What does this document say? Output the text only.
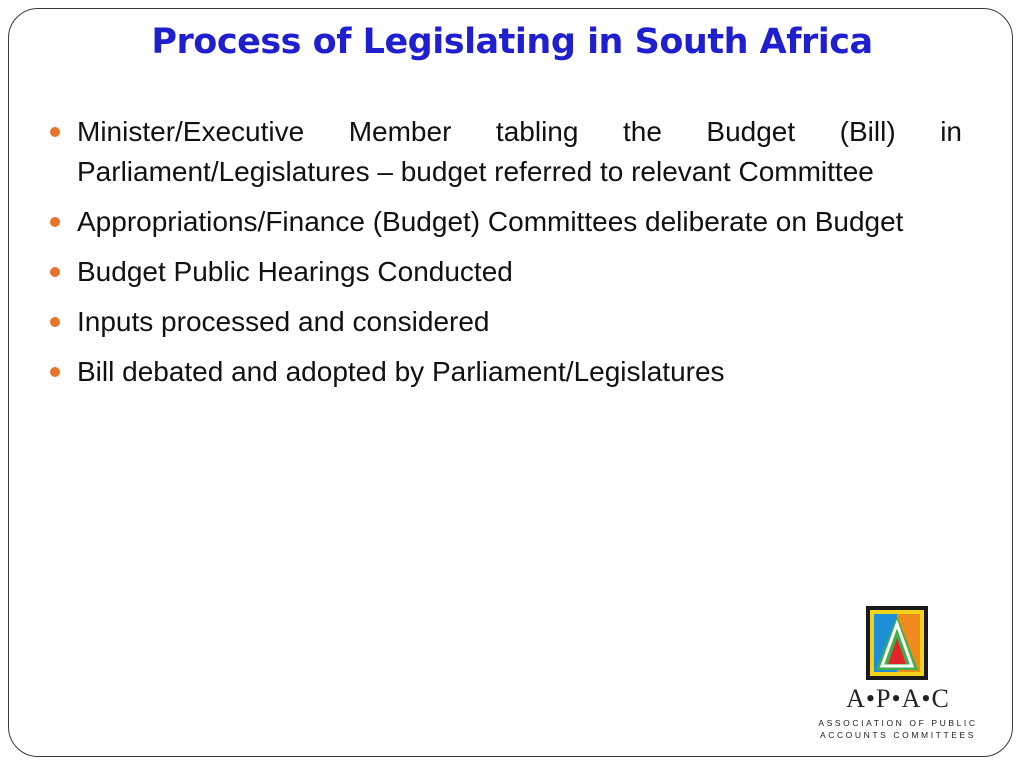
Process of Legislating in South Africa
Minister/Executive Member tabling the Budget (Bill) in Parliament/Legislatures – budget referred to relevant Committee
Appropriations/Finance (Budget) Committees deliberate on Budget
Budget Public Hearings Conducted
Inputs processed and considered
Bill debated and adopted by Parliament/Legislatures
A•P•A•C
ASSOCIATION OF PUBLIC
ACCOUNTS COMMITTEES
